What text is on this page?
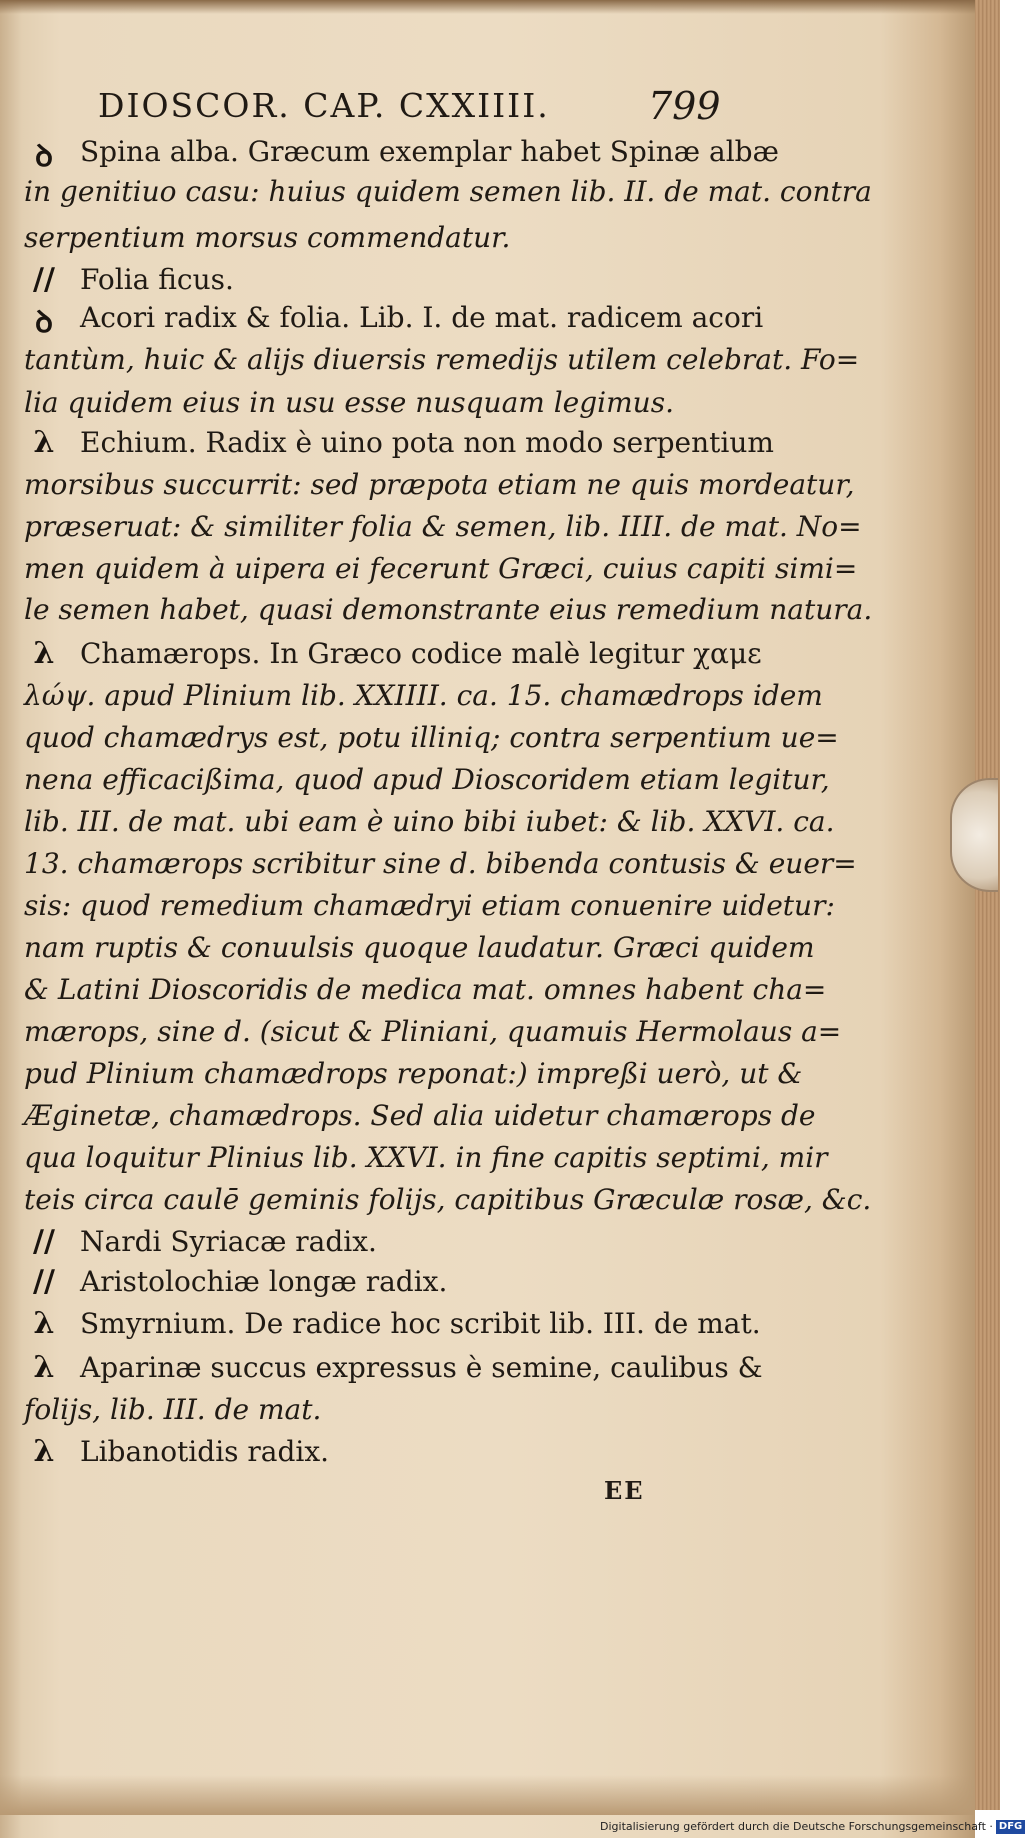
DIOSCOR. CAP. CXXIIII.	799
ꝺ Spina alba. Græcum exemplar habet Spinæ albæ
in genitiuo casu: huius quidem semen lib. II. de mat. contra
serpentium morsus commendatur.
// Folia ficus.
ꝺ Acori radix & folia. Lib. I. de mat. radicem acori
tantùm, huic & alijs diuersis remedijs utilem celebrat. Fo=
lia quidem eius in usu esse nusquam legimus.
λ Echium. Radix è uino pota non modo serpentium
morsibus succurrit: sed præpota etiam ne quis mordeatur,
præseruat: & similiter folia & semen, lib. IIII. de mat. No=
men quidem à uipera ei fecerunt Græci, cuius capiti simi=
le semen habet, quasi demonstrante eius remedium natura.
λ Chamærops. In Græco codice malè legitur χαμε
λώψ. apud Plinium lib. XXIIII. ca. 15. chamædrops idem
quod chamædrys est, potu illiniq; contra serpentium ue=
nena efficacißima, quod apud Dioscoridem etiam legitur,
lib. III. de mat. ubi eam è uino bibi iubet: & lib. XXVI. ca.
13. chamærops scribitur sine d. bibenda contusis & euer=
sis: quod remedium chamædryi etiam conuenire uidetur:
nam ruptis & conuulsis quoque laudatur. Græci quidem
& Latini Dioscoridis de medica mat. omnes habent cha=
mærops, sine d. (sicut & Pliniani, quamuis Hermolaus a=
pud Plinium chamædrops reponat:) impreßi uerò, ut &
Æginetæ, chamædrops. Sed alia uidetur chamærops de
qua loquitur Plinius lib. XXVI. in fine capitis septimi, mir
teis circa caulē geminis folijs, capitibus Græculæ rosæ, &c.
// Nardi Syriacæ radix.
// Aristolochiæ longæ radix.
λ Smyrnium. De radice hoc scribit lib. III. de mat.
λ Aparinæ succus expressus è semine, caulibus &
folijs, lib. III. de mat.
λ Libanotidis radix.
EE
Digitalisierung gefördert durch die Deutsche Forschungsgemeinschaft · DFG
